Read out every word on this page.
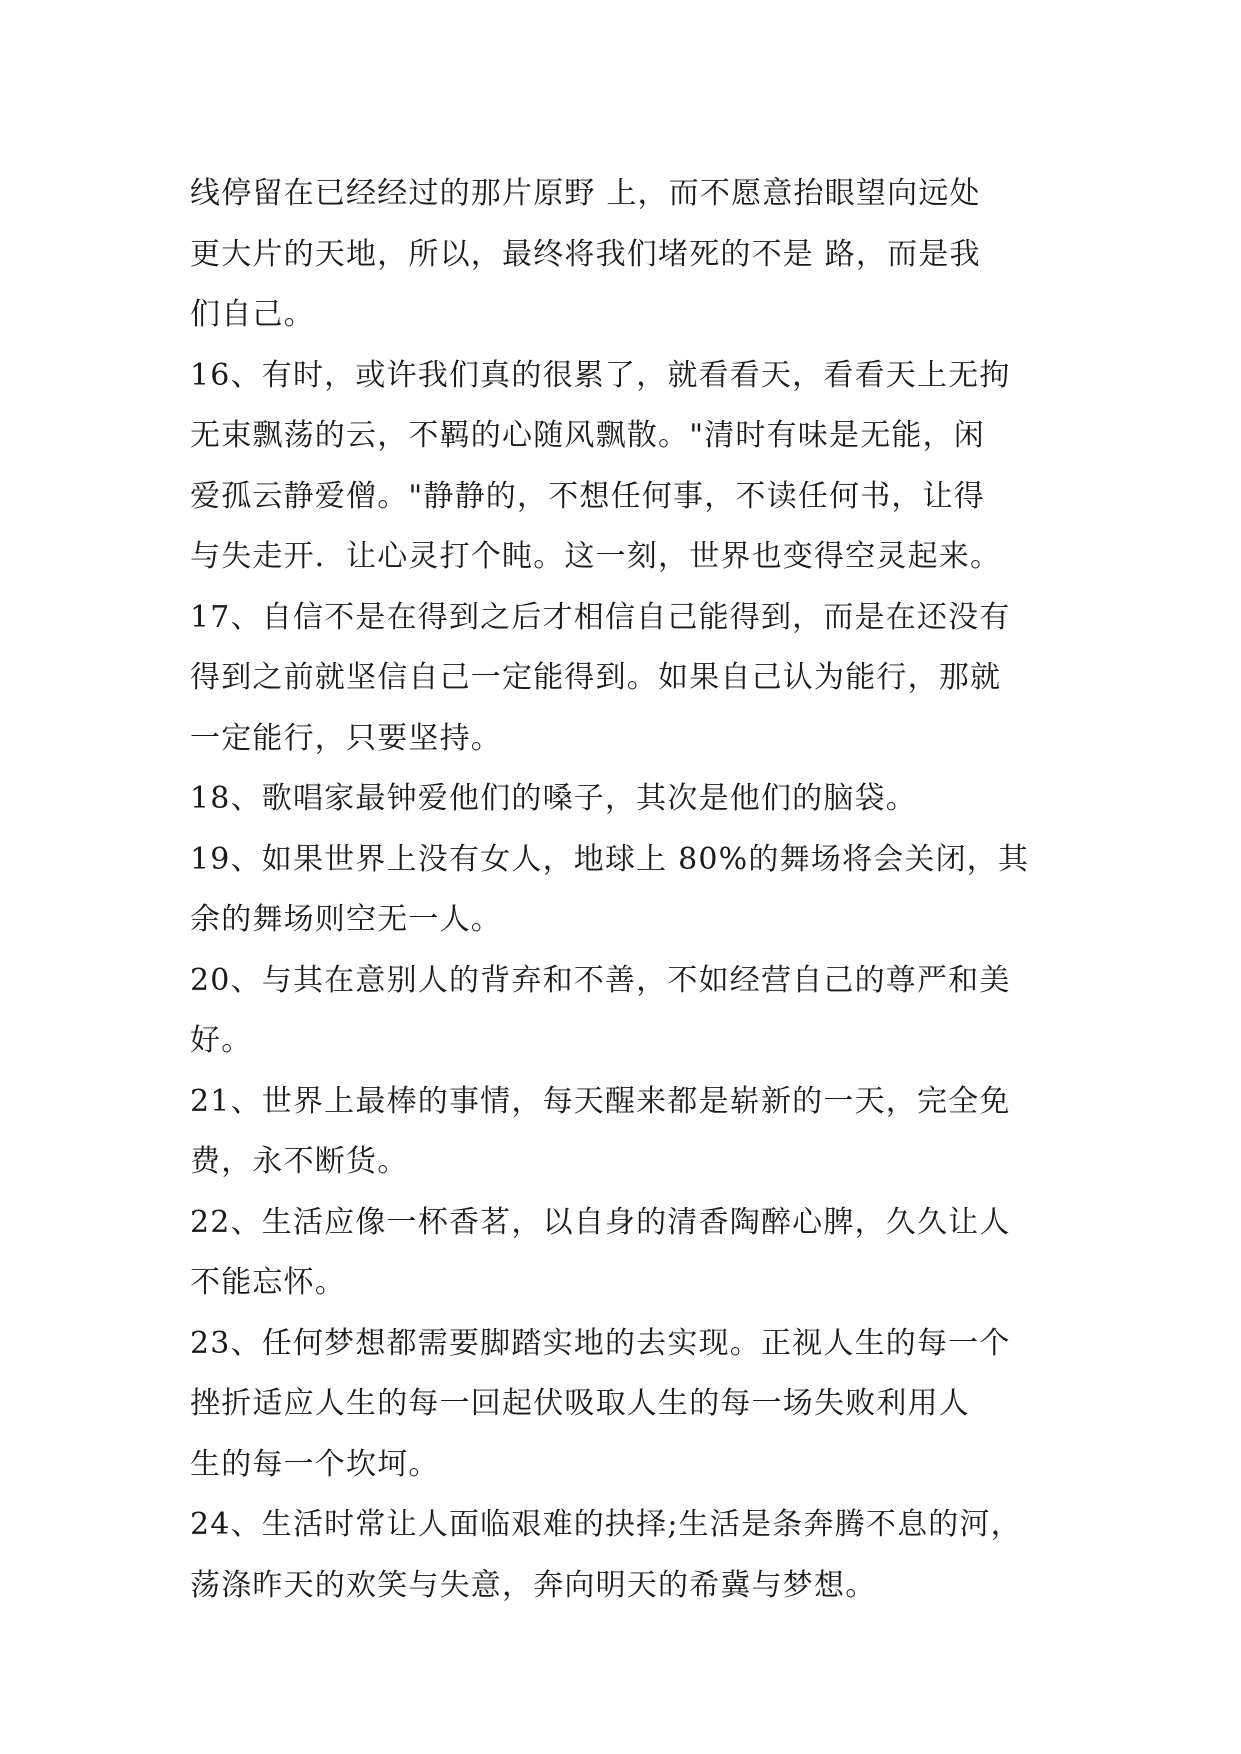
线停留在已经经过的那片原野 上，而不愿意抬眼望向远处
更大片的天地，所以，最终将我们堵死的不是 路，而是我
们自己。
16、有时，或许我们真的很累了，就看看天，看看天上无拘
无束飘荡的云，不羁的心随风飘散。"清时有味是无能，闲
爱孤云静爱僧。"静静的，不想任何事，不读任何书，让得
与失走开．让心灵打个盹。这一刻，世界也变得空灵起来。
17、自信不是在得到之后才相信自己能得到，而是在还没有
得到之前就坚信自己一定能得到。如果自己认为能行，那就
一定能行，只要坚持。
18、歌唱家最钟爱他们的嗓子，其次是他们的脑袋。
19、如果世界上没有女人，地球上 80%的舞场将会关闭，其
余的舞场则空无一人。
20、与其在意别人的背弃和不善，不如经营自己的尊严和美
好。
21、世界上最棒的事情，每天醒来都是崭新的一天，完全免
费，永不断货。
22、生活应像一杯香茗，以自身的清香陶醉心脾，久久让人
不能忘怀。
23、任何梦想都需要脚踏实地的去实现。正视人生的每一个
挫折适应人生的每一回起伏吸取人生的每一场失败利用人
生的每一个坎坷。
24、生活时常让人面临艰难的抉择;生活是条奔腾不息的河，
荡涤昨天的欢笑与失意，奔向明天的希冀与梦想。
